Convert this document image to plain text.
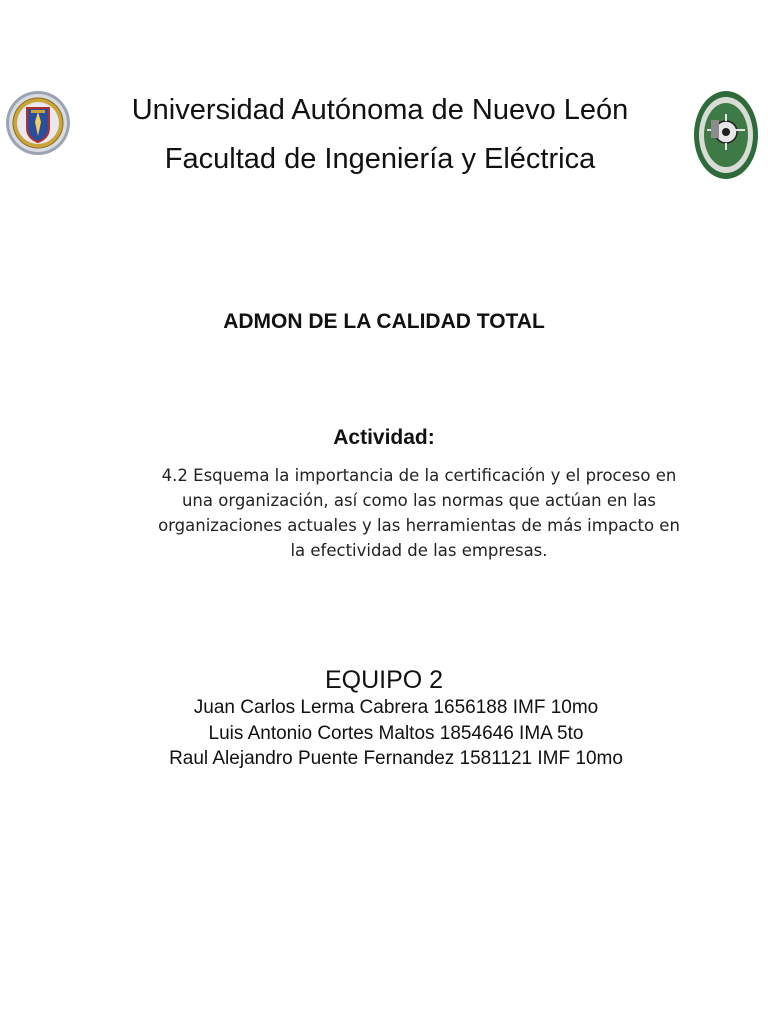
Universidad Autónoma de Nuevo León
Facultad de Ingeniería y Eléctrica
ADMON DE LA CALIDAD TOTAL
Actividad:
4.2 Esquema la importancia de la certificación y el proceso en una organización, así como las normas que actúan en las organizaciones actuales y las herramientas de más impacto en la efectividad de las empresas.
EQUIPO 2
Juan Carlos Lerma Cabrera 1656188 IMF 10mo
Luis Antonio Cortes Maltos 1854646 IMA 5to
Raul Alejandro Puente Fernandez 1581121 IMF 10mo
